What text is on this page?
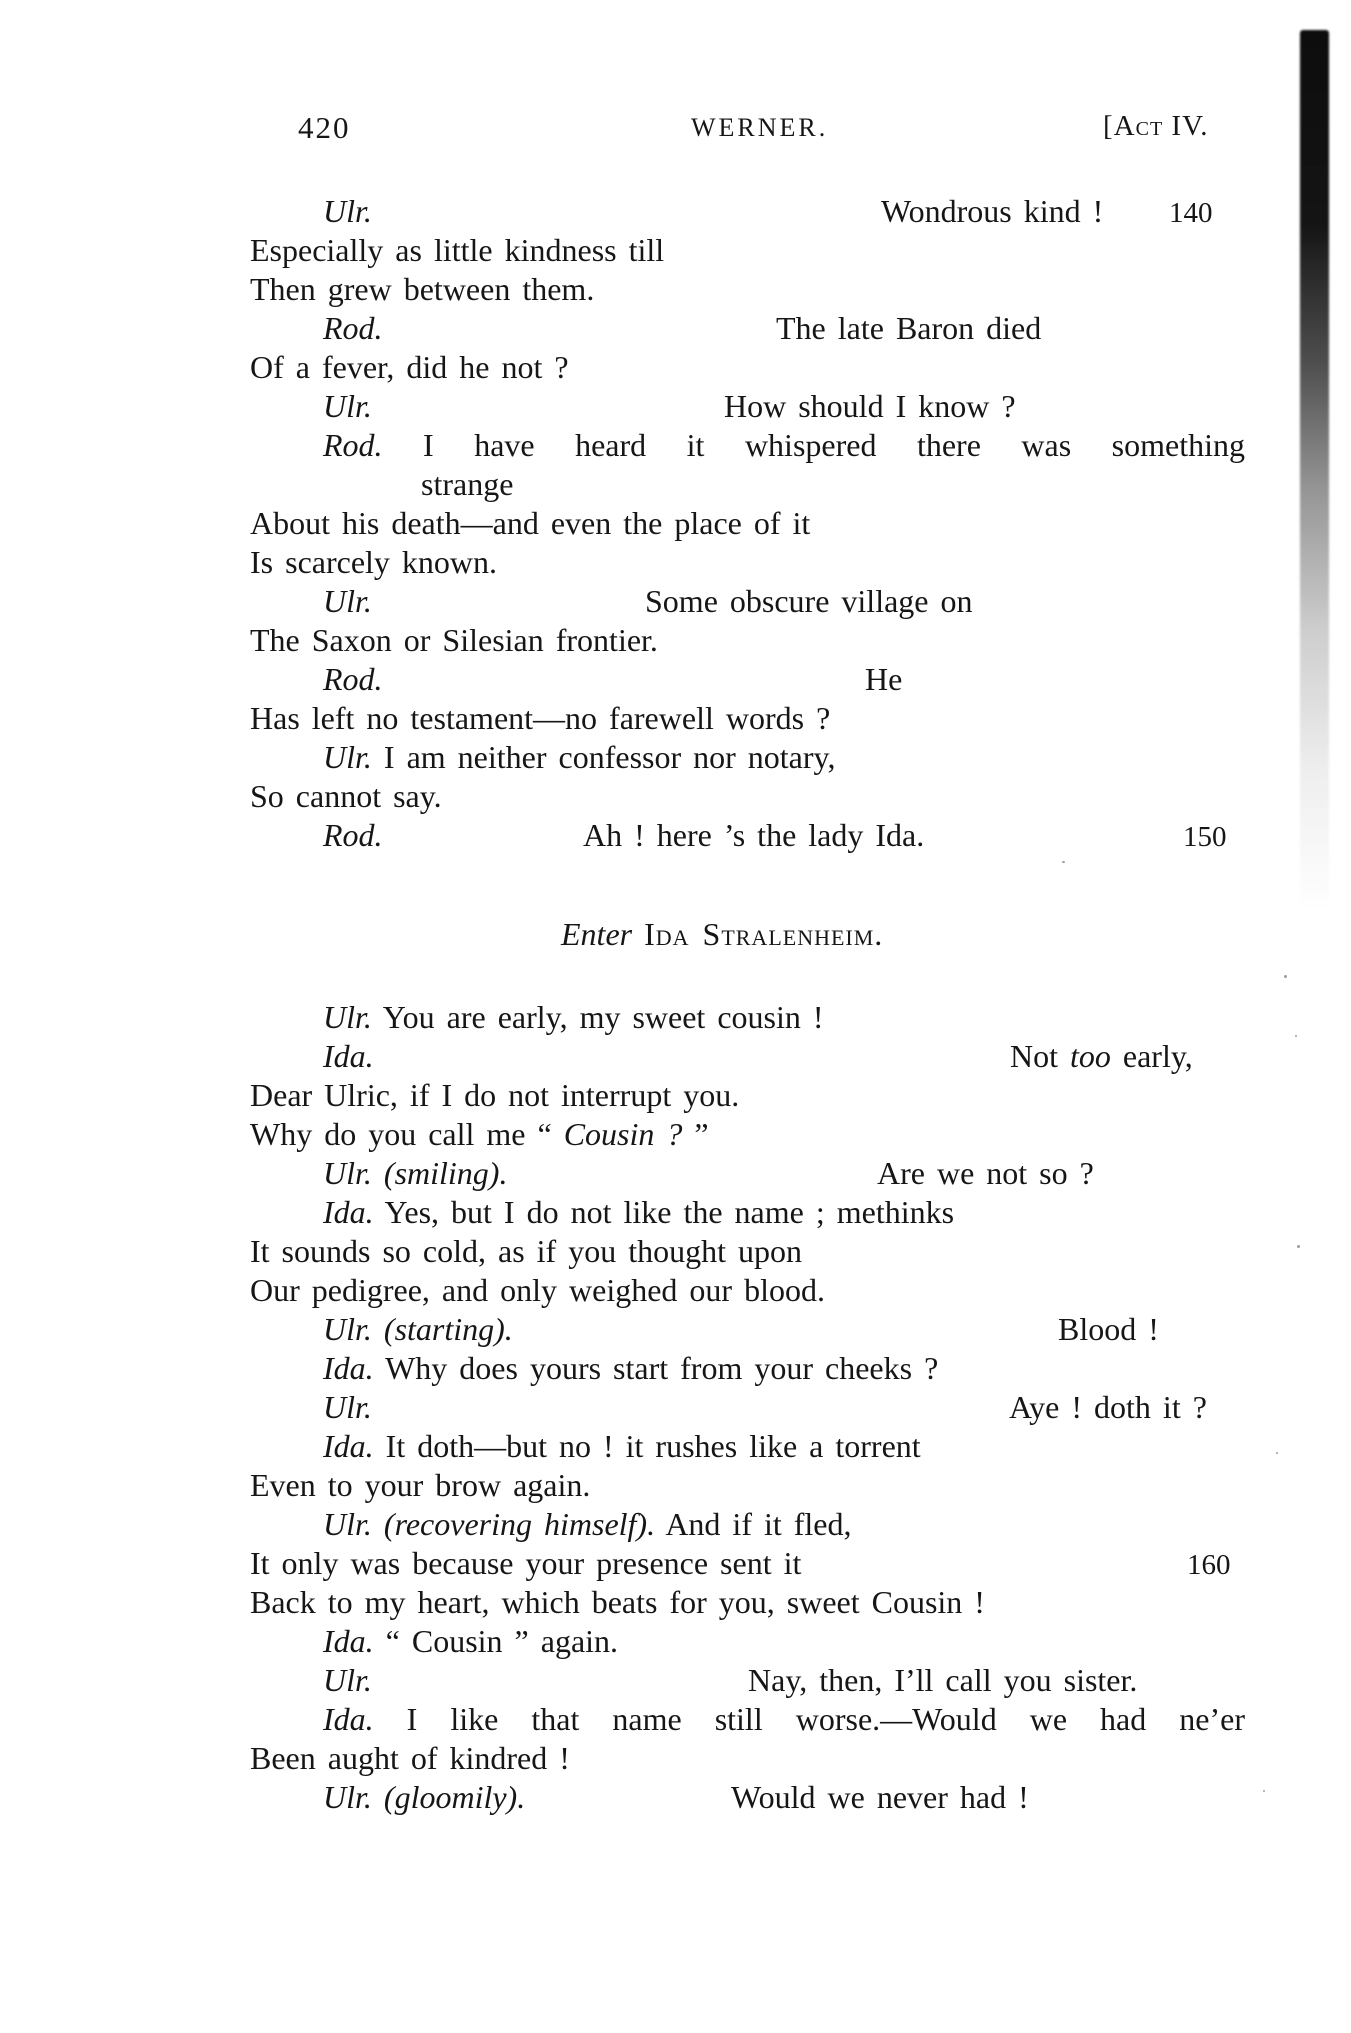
420	WERNER.	[Act IV.
Ulr.	Wondrous kind ! 140
Especially as little kindness till
Then grew between them.
Rod.	The late Baron died
Of a fever, did he not ?
Ulr.	How should I know ?
Rod. I have heard it whispered there was something
strange
About his death—and even the place of it
Is scarcely known.
Ulr.	Some obscure village on
The Saxon or Silesian frontier.
Rod.	He
Has left no testament—no farewell words ?
Ulr. I am neither confessor nor notary,
So cannot say.
Rod.	Ah ! here ’s the lady Ida.	150
Enter Ida Stralenheim.
Ulr. You are early, my sweet cousin !
Ida.	Not too early,
Dear Ulric, if I do not interrupt you.
Why do you call me “ Cousin ? ”
Ulr. (smiling).	Are we not so ?
Ida. Yes, but I do not like the name ; methinks
It sounds so cold, as if you thought upon
Our pedigree, and only weighed our blood.
Ulr. (starting).	Blood !
Ida. Why does yours start from your cheeks ?
Ulr.	Aye ! doth it ?
Ida. It doth—but no ! it rushes like a torrent
Even to your brow again.
Ulr. (recovering himself). And if it fled,
It only was because your presence sent it	160
Back to my heart, which beats for you, sweet Cousin !
Ida. “ Cousin ” again.
Ulr.	Nay, then, I’ll call you sister.
Ida. I like that name still worse.—Would we had ne’er
Been aught of kindred !
Ulr. (gloomily).	Would we never had !
